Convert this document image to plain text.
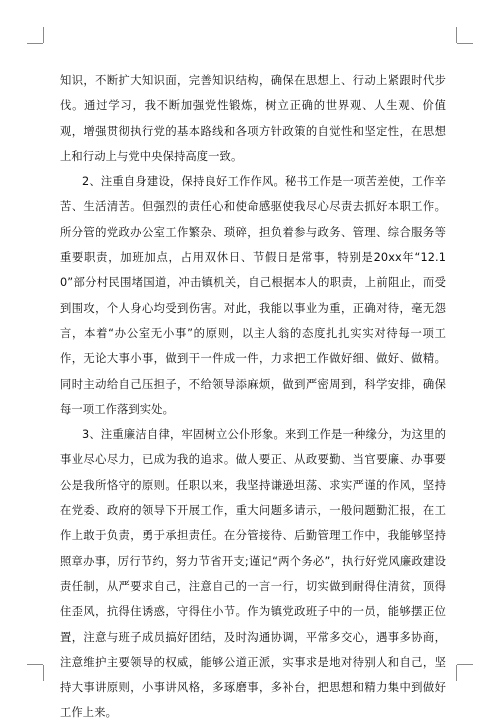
知识，不断扩大知识面，完善知识结构，确保在思想上、行动上紧跟时代步伐。通过学习，我不断加强党性锻炼，树立正确的世界观、人生观、价值观，增强贯彻执行党的基本路线和各项方针政策的自觉性和坚定性，在思想上和行动上与党中央保持高度一致。

2、注重自身建设，保持良好工作作风。秘书工作是一项苦差使，工作辛苦、生活清苦。但强烈的责任心和使命感驱使我尽心尽责去抓好本职工作。所分管的党政办公室工作繁杂、琐碎，担负着参与政务、管理、综合服务等重要职责，加班加点，占用双休日、节假日是常事，特别是20xx年“12.10”部分村民围堵国道，冲击镇机关，自己根据本人的职责，上前阻止，而受到围攻，个人身心均受到伤害。对此，我能以事业为重，正确对待，毫无怨言，本着“办公室无小事”的原则，以主人翁的态度扎扎实实对待每一项工作，无论大事小事，做到干一件成一件，力求把工作做好细、做好、做精。同时主动给自己压担子，不给领导添麻烦，做到严密周到，科学安排，确保每一项工作落到实处。

3、注重廉洁自律，牢固树立公仆形象。来到工作是一种缘分，为这里的事业尽心尽力，已成为我的追求。做人要正、从政要勤、当官要廉、办事要公是我所恪守的原则。任职以来，我坚持谦逊坦荡、求实严谨的作风，坚持在党委、政府的领导下开展工作，重大问题多请示，一般问题勤汇报，在工作上敢于负责，勇于承担责任。在分管接待、后勤管理工作中，我能够坚持照章办事，厉行节约，努力节省开支;谨记“两个务必”，执行好党风廉政建设责任制，从严要求自己，注意自己的一言一行，切实做到耐得住清贫，顶得住歪风，抗得住诱惑，守得住小节。作为镇党政班子中的一员，能够摆正位置，注意与班子成员搞好团结，及时沟通协调，平常多交心，遇事多协商，注意维护主要领导的权威，能够公道正派，实事求是地对待别人和自己，坚持大事讲原则，小事讲风格，多琢磨事，多补台，把思想和精力集中到做好工作上来。
